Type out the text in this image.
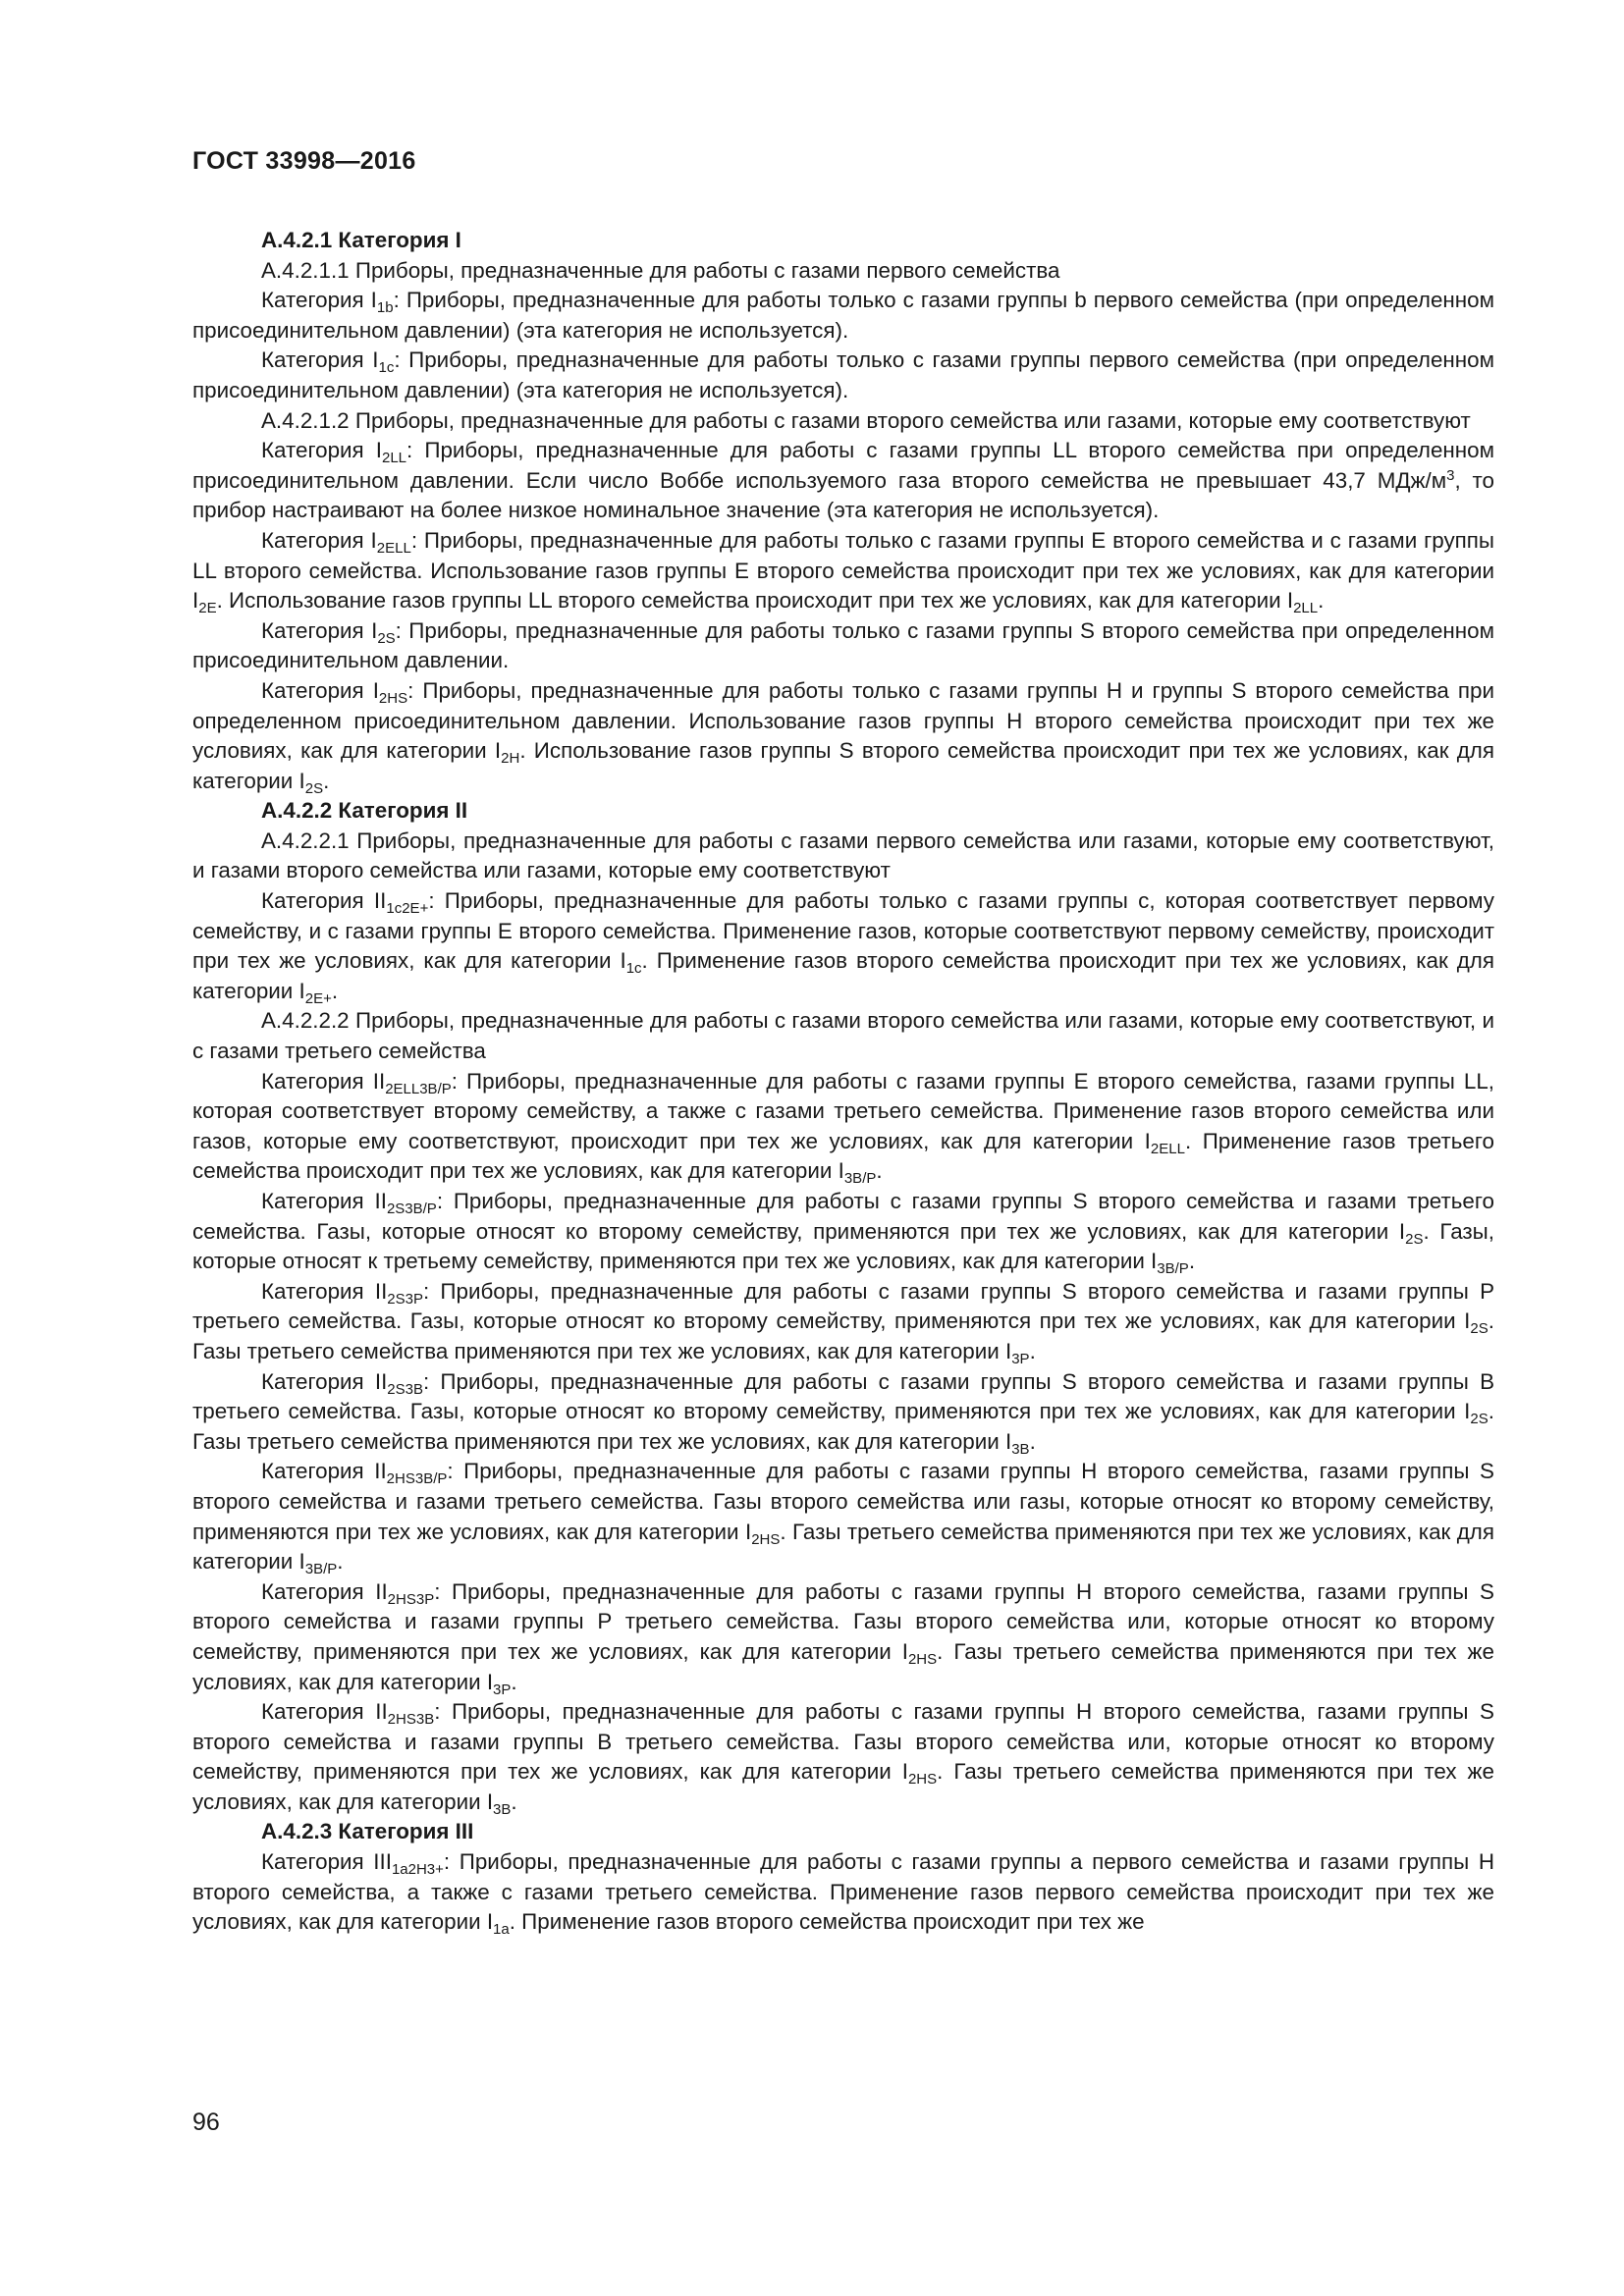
ГОСТ 33998—2016

А.4.2.1 Категория I

А.4.2.1.1 Приборы, предназначенные для работы с газами первого семейства

Категория $I_{1b}$: Приборы, предназначенные для работы только с газами группы b первого семейства (при определенном присоединительном давлении) (эта категория не используется).

Категория $I_{1c}$: Приборы, предназначенные для работы только с газами группы первого семейства (при определенном присоединительном давлении) (эта категория не используется).

А.4.2.1.2 Приборы, предназначенные для работы с газами второго семейства или газами, которые ему соответствуют

Категория $I_{2LL}$: Приборы, предназначенные для работы с газами группы LL второго семейства при определенном присоединительном давлении. Если число Воббе используемого газа второго семейства не превышает 43,7 МДж/$м^3$, то прибор настраивают на более низкое номинальное значение (эта категория не используется).

Категория $I_{2ELL}$: Приборы, предназначенные для работы только с газами группы E второго семейства и с газами группы LL второго семейства. Использование газов группы E второго семейства происходит при тех же условиях, как для категории $I_{2E}$. Использование газов группы LL второго семейства происходит при тех же условиях, как для категории $I_{2LL}$.

Категория $I_{2S}$: Приборы, предназначенные для работы только с газами группы S второго семейства при определенном присоединительном давлении.

Категория $I_{2HS}$: Приборы, предназначенные для работы только с газами группы H и группы S второго семейства при определенном присоединительном давлении. Использование газов группы H второго семейства происходит при тех же условиях, как для категории $I_{2H}$. Использование газов группы S второго семейства происходит при тех же условиях, как для категории $I_{2S}$.

А.4.2.2 Категория II

А.4.2.2.1 Приборы, предназначенные для работы с газами первого семейства или газами, которые ему соответствуют, и газами второго семейства или газами, которые ему соответствуют

Категория $II_{1c2E+}$: Приборы, предназначенные для работы только с газами группы c, которая соответствует первому семейству, и с газами группы E второго семейства. Применение газов, которые соответствуют первому семейству, происходит при тех же условиях, как для категории $I_{1c}$. Применение газов второго семейства происходит при тех же условиях, как для категории $I_{2E+}$.

А.4.2.2.2 Приборы, предназначенные для работы с газами второго семейства или газами, которые ему соответствуют, и с газами третьего семейства

Категория $II_{2ELL3B/P}$: Приборы, предназначенные для работы с газами группы E второго семейства, газами группы LL, которая соответствует второму семейству, а также с газами третьего семейства. Применение газов второго семейства или газов, которые ему соответствуют, происходит при тех же условиях, как для категории $I_{2ELL}$. Применение газов третьего семейства происходит при тех же условиях, как для категории $I_{3B/P}$.

Категория $II_{2S3B/P}$: Приборы, предназначенные для работы с газами группы S второго семейства и газами третьего семейства. Газы, которые относят ко второму семейству, применяются при тех же условиях, как для категории $I_{2S}$. Газы, которые относят к третьему семейству, применяются при тех же условиях, как для категории $I_{3B/P}$.

Категория $II_{2S3P}$: Приборы, предназначенные для работы с газами группы S второго семейства и газами группы P третьего семейства. Газы, которые относят ко второму семейству, применяются при тех же условиях, как для категории $I_{2S}$. Газы третьего семейства применяются при тех же условиях, как для категории $I_{3P}$.

Категория $II_{2S3B}$: Приборы, предназначенные для работы с газами группы S второго семейства и газами группы B третьего семейства. Газы, которые относят ко второму семейству, применяются при тех же условиях, как для категории $I_{2S}$. Газы третьего семейства применяются при тех же условиях, как для категории $I_{3B}$.

Категория $II_{2HS3B/P}$: Приборы, предназначенные для работы с газами группы H второго семейства, газами группы S второго семейства и газами третьего семейства. Газы второго семейства или газы, которые относят ко второму семейству, применяются при тех же условиях, как для категории $I_{2HS}$. Газы третьего семейства применяются при тех же условиях, как для категории $I_{3B/P}$.

Категория $II_{2HS3P}$: Приборы, предназначенные для работы с газами группы H второго семейства, газами группы S второго семейства и газами группы P третьего семейства. Газы второго семейства или, которые относят ко второму семейству, применяются при тех же условиях, как для категории $I_{2HS}$. Газы третьего семейства применяются при тех же условиях, как для категории $I_{3P}$.

Категория $II_{2HS3B}$: Приборы, предназначенные для работы с газами группы H второго семейства, газами группы S второго семейства и газами группы B третьего семейства. Газы второго семейства или, которые относят ко второму семейству, применяются при тех же условиях, как для категории $I_{2HS}$. Газы третьего семейства применяются при тех же условиях, как для категории $I_{3B}$.

А.4.2.3 Категория III

Категория $III_{1a2H3+}$: Приборы, предназначенные для работы с газами группы a первого семейства и газами группы H второго семейства, а также с газами третьего семейства. Применение газов первого семейства происходит при тех же условиях, как для категории $I_{1a}$. Применение газов второго семейства происходит при тех же

96
